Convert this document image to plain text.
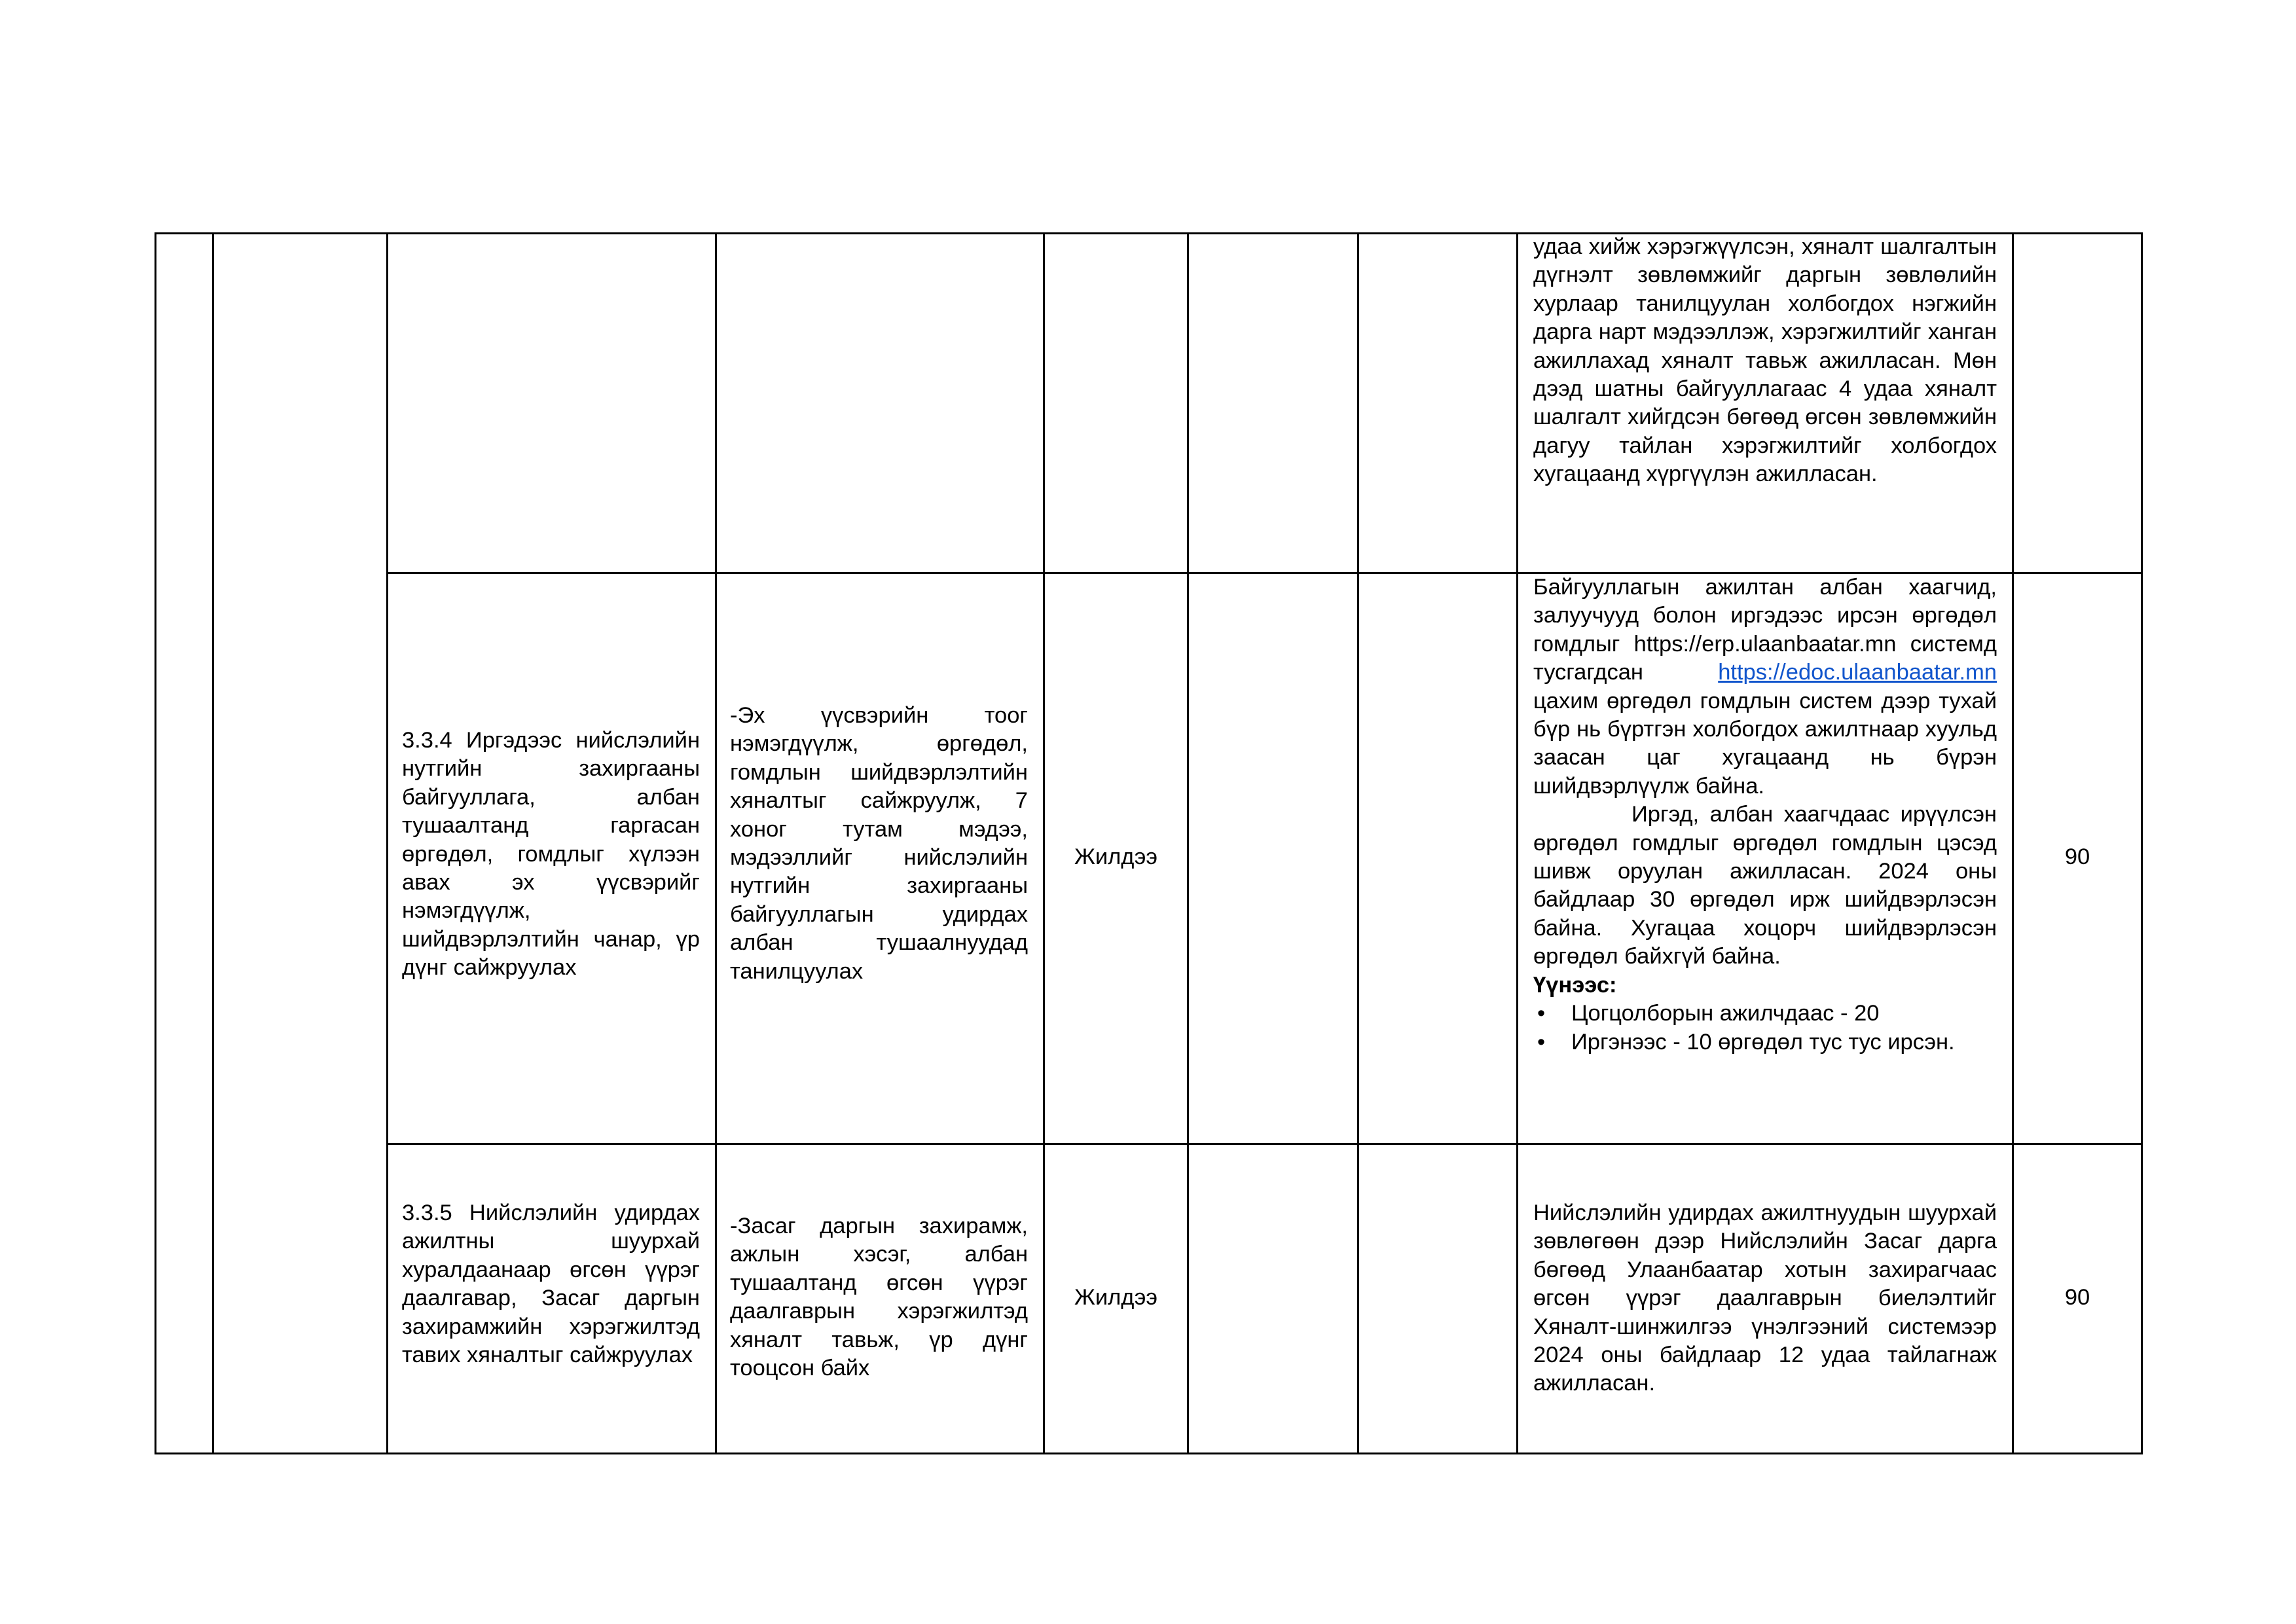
удаа хийж хэрэгжүүлсэн, хяналт шалгалтын дүгнэлт зөвлөмжийг даргын зөвлөлийн хурлаар танилцуулан холбогдох нэгжийн дарга нарт мэдээллэж, хэрэгжилтийг ханган ажиллахад хяналт тавьж ажилласан. Мөн дээд шатны байгууллагаас 4 удаа хяналт шалгалт хийгдсэн бөгөөд өгсөн зөвлөмжийн дагуу тайлан хэрэгжилтийг холбогдох хугацаанд хүргүүлэн ажилласан.

3.3.4 Иргэдээс нийслэлийн нутгийн захиргааны байгууллага, албан тушаалтанд гаргасан өргөдөл, гомдлыг хүлээн авах эх үүсвэрийг нэмэгдүүлж, шийдвэрлэлтийн чанар, үр дүнг сайжруулах

-Эх үүсвэрийн тоог нэмэгдүүлж, өргөдөл, гомдлын шийдвэрлэлтийн хяналтыг сайжруулж, 7 хоног тутам мэдээ, мэдээллийг нийслэлийн нутгийн захиргааны байгууллагын удирдах албан тушаалнуудад танилцуулах

Жилдээ

Байгууллагын ажилтан албан хаагчид, залуучууд болон иргэдээс ирсэн өргөдөл гомдлыг https://erp.ulaanbaatar.mn системд тусгагдсан	https://edoc.ulaanbaatar.mn цахим өргөдөл гомдлын систем дээр тухай бүр нь бүртгэн холбогдох ажилтнаар хуульд заасан цаг хугацаанд нь бүрэн шийдвэрлүүлж байна.

Иргэд, албан хаагчдаас ирүүлсэн өргөдөл гомдлыг өргөдөл гомдлын цэсэд шивж оруулан ажилласан. 2024 оны байдлаар 30 өргөдөл ирж шийдвэрлэсэн байна. Хугацаа хоцорч шийдвэрлэсэн өргөдөл байхгүй байна.

Үүнээс:

• Цогцолборын ажилчдаас - 20
• Иргэнээс - 10 өргөдөл тус тус ирсэн.

90

3.3.5 Нийслэлийн удирдах ажилтны шуурхай хуралдаанаар өгсөн үүрэг даалгавар, Засаг даргын захирамжийн хэрэгжилтэд тавих хяналтыг сайжруулах

-Засаг даргын захирамж, ажлын хэсэг, албан тушаалтанд өгсөн үүрэг даалгаврын хэрэгжилтэд хяналт тавьж, үр дүнг тооцсон байх

Жилдээ

Нийслэлийн удирдах ажилтнуудын шуурхай зөвлөгөөн дээр Нийслэлийн Засаг дарга бөгөөд Улаанбаатар хотын захирагчаас өгсөн үүрэг даалгаврын биелэлтийг Хяналт-шинжилгээ үнэлгээний системээр 2024 оны байдлаар 12 удаа тайлагнаж ажилласан.

90
